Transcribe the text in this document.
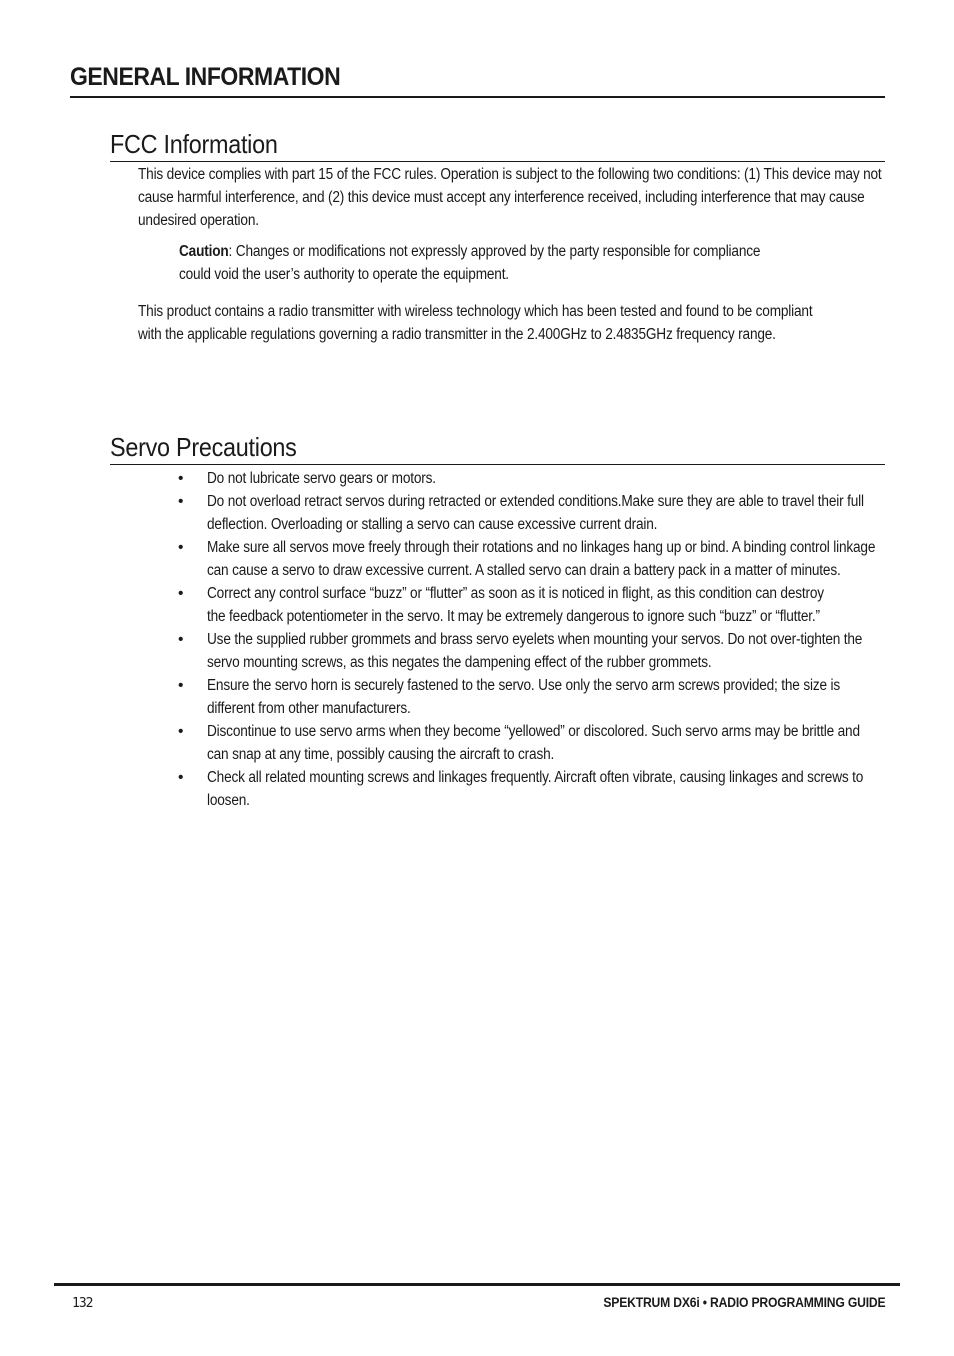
GENERAL INFORMATION
FCC Information

This device complies with part 15 of the FCC rules. Operation is subject to the following two conditions: (1) This device may not cause harmful interference, and (2) this device must accept any interference received, including interference that may cause undesired operation.

Caution: Changes or modifications not expressly approved by the party responsible for compliance could void the user’s authority to operate the equipment.

This product contains a radio transmitter with wireless technology which has been tested and found to be compliant with the applicable regulations governing a radio transmitter in the 2.400GHz to 2.4835GHz frequency range.

Servo Precautions
• Do not lubricate servo gears or motors.
• Do not overload retract servos during retracted or extended conditions.Make sure they are able to travel their full deflection. Overloading or stalling a servo can cause excessive current drain.
• Make sure all servos move freely through their rotations and no linkages hang up or bind. A binding control linkage can cause a servo to draw excessive current. A stalled servo can drain a battery pack in a matter of minutes.
• Correct any control surface “buzz” or “flutter” as soon as it is noticed in flight, as this condition can destroy the feedback potentiometer in the servo. It may be extremely dangerous to ignore such “buzz” or “flutter.”
• Use the supplied rubber grommets and brass servo eyelets when mounting your servos. Do not over-tighten the servo mounting screws, as this negates the dampening effect of the rubber grommets.
• Ensure the servo horn is securely fastened to the servo. Use only the servo arm screws provided; the size is different from other manufacturers.
• Discontinue to use servo arms when they become “yellowed” or discolored. Such servo arms may be brittle and can snap at any time, possibly causing the aircraft to crash.
• Check all related mounting screws and linkages frequently. Aircraft often vibrate, causing linkages and screws to loosen.
132	SPEKTRUM DX6i • RADIO PROGRAMMING GUIDE
